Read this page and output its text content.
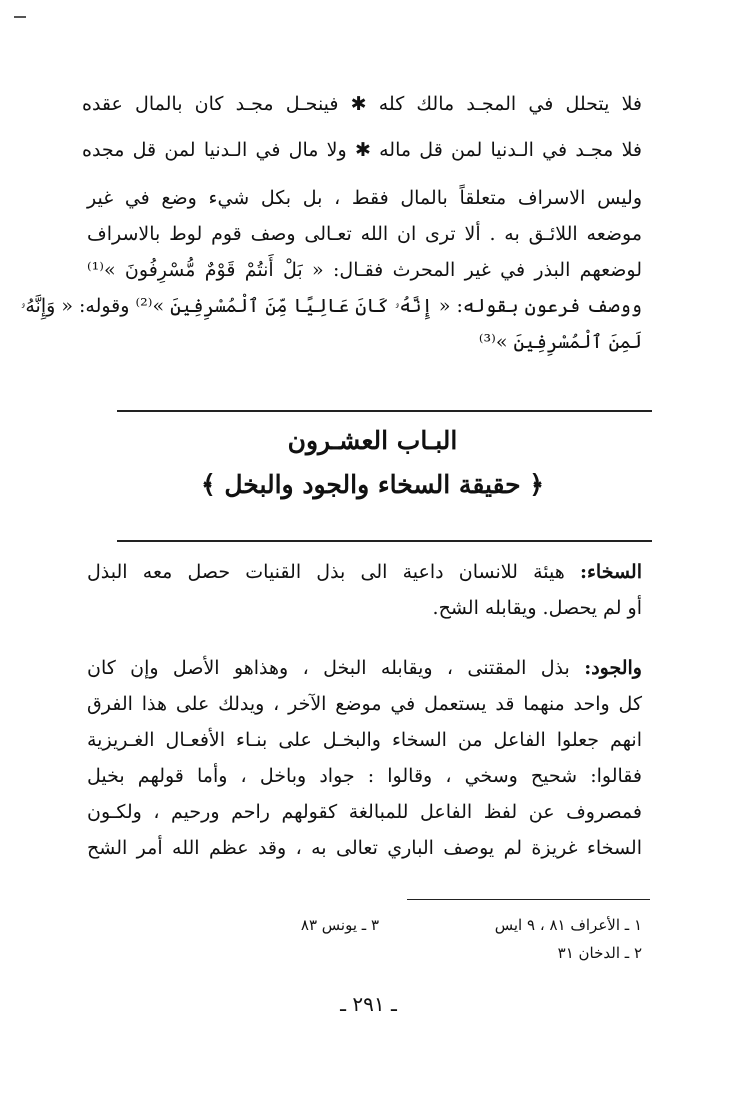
فلا يتحلل في المجـد مالك كله ✱ فينحـل مجـد كان بالمال عقده
فلا مجـد في الـدنيا لمن قل ماله ✱ ولا مال في الـدنيا لمن قل مجده
وليس الاسراف متعلقاً بالمال فقط ، بل بكل شيء وضع في غير
موضعه اللائـق به . ألا ترى ان الله تعـالى وصف قوم لوط بالاسراف
لوضعهم البذر في غير المحرث فقـال: « بَلْ أَنتُمْ قَوْمٌ مُّسْرِفُونَ »⁽¹⁾
ووصف فرعون بقوله: « إِنَّهُۥ كَانَ عَالِيًا مِّنَ ٱلْمُسْرِفِينَ »⁽²⁾ وقوله: « وَإِنَّهُۥ
لَمِنَ ٱلْمُسْرِفِينَ »⁽³⁾
البـاب العشـرون
﴿ حقيقة السخاء والجود والبخل ﴾
السخاء: هيئة للانسان داعية الى بذل القنيات حصل معه البذل
أو لم يحصل. ويقابله الشح.
والجود: بذل المقتنى ، ويقابله البخل ، وهذاهو الأصل وإن كان
كل واحد منهما قد يستعمل في موضع الآخر ، ويدلك على هذا الفرق
انهم جعلوا الفاعل من السخاء والبخـل على بنـاء الأفعـال الغـريزية
فقالوا: شحيح وسخي ، وقالوا : جواد وباخل ، وأما قولهم بخيل
فمصروف عن لفظ الفاعل للمبالغة كقولهم راحم ورحيم ، ولكـون
السخاء غريزة لم يوصف الباري تعالى به ، وقد عظم الله أمر الشح
١ ـ الأعراف ٨١ ، ٩ ايس
٢ ـ الدخان ٣١
٣ ـ يونس ٨٣
ـ ٢٩١ ـ
